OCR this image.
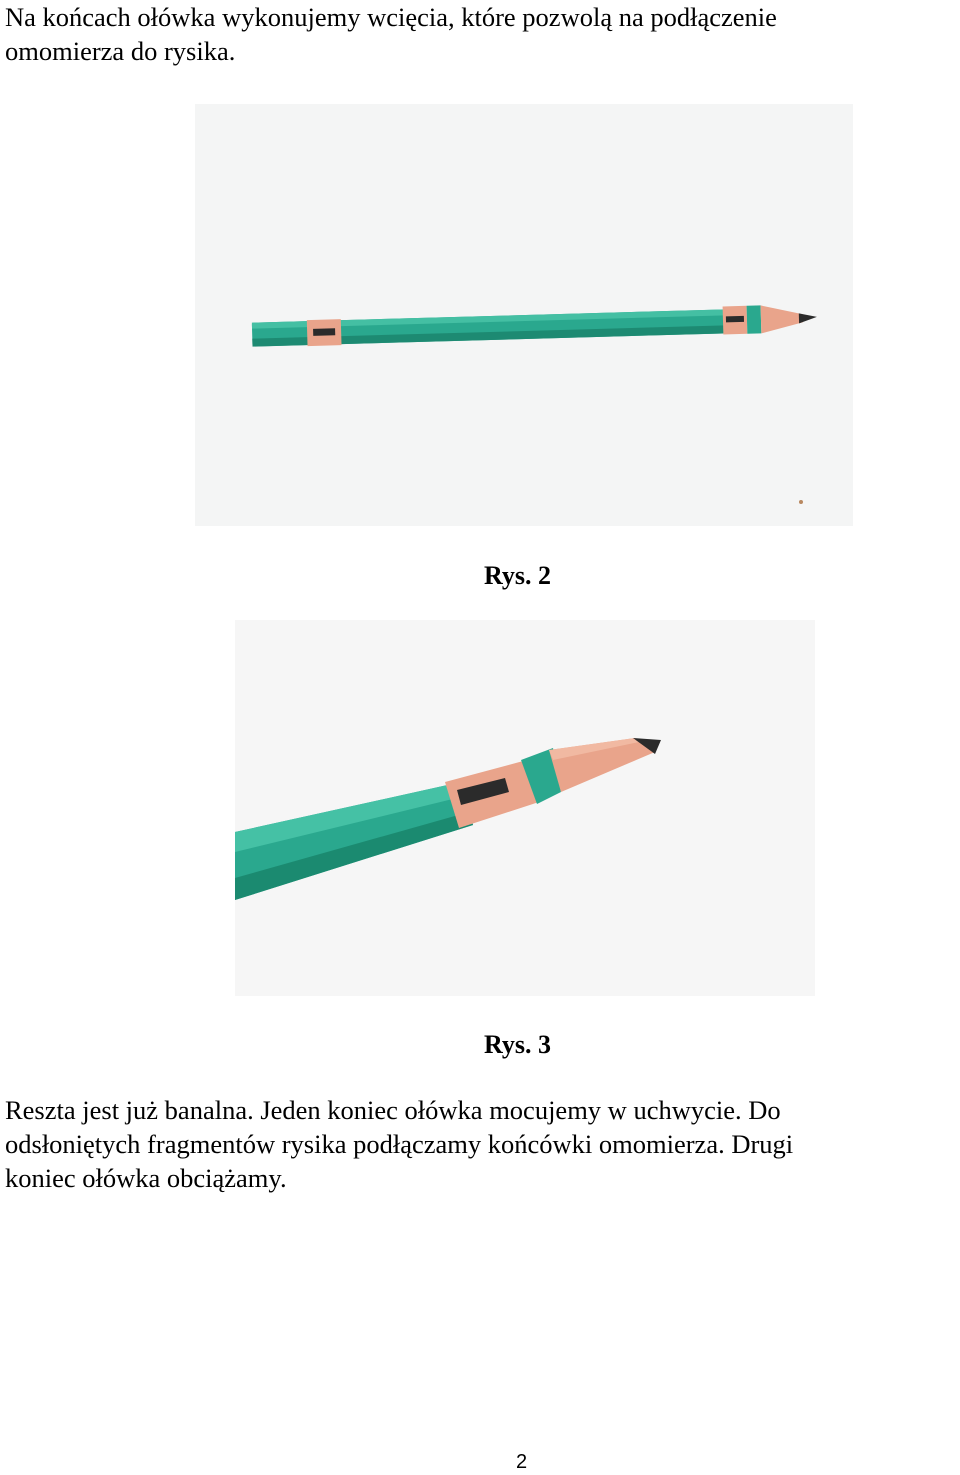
Na końcach ołówka wykonujemy wcięcia, które pozwolą na podłączenie
omomierza do rysika.

Rys. 2

Rys. 3

Reszta jest już banalna. Jeden koniec ołówka mocujemy w uchwycie. Do
odsłoniętych fragmentów rysika podłączamy końcówki omomierza. Drugi
koniec ołówka obciążamy.

2
